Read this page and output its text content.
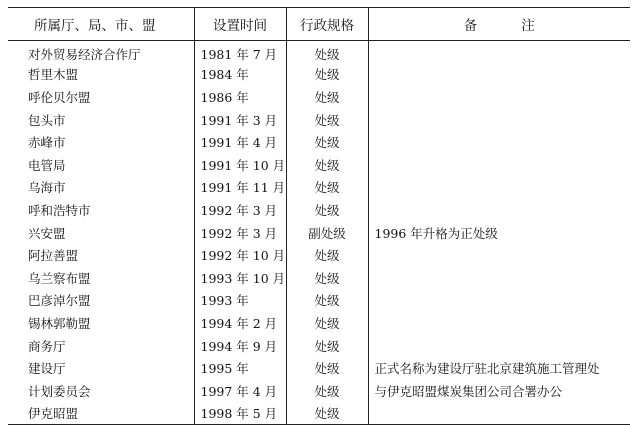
所属厅、局、市、盟	设置时间	行政规格	备 注
对外贸易经济合作厅	1981 年 7 月	处级	
哲里木盟	1984 年	处级	
呼伦贝尔盟	1986 年	处级	
包头市	1991 年 3 月	处级	
赤峰市	1991 年 4 月	处级	
电管局	1991 年 10 月	处级	
乌海市	1991 年 11 月	处级	
呼和浩特市	1992 年 3 月	处级	
兴安盟	1992 年 3 月	副处级	1996 年升格为正处级
阿拉善盟	1992 年 10 月	处级	
乌兰察布盟	1993 年 10 月	处级	
巴彦淖尔盟	1993 年	处级	
锡林郭勒盟	1994 年 2 月	处级	
商务厅	1994 年 9 月	处级	
建设厅	1995 年	处级	正式名称为建设厅驻北京建筑施工管理处
计划委员会	1997 年 4 月	处级	与伊克昭盟煤炭集团公司合署办公
伊克昭盟	1998 年 5 月	处级	
